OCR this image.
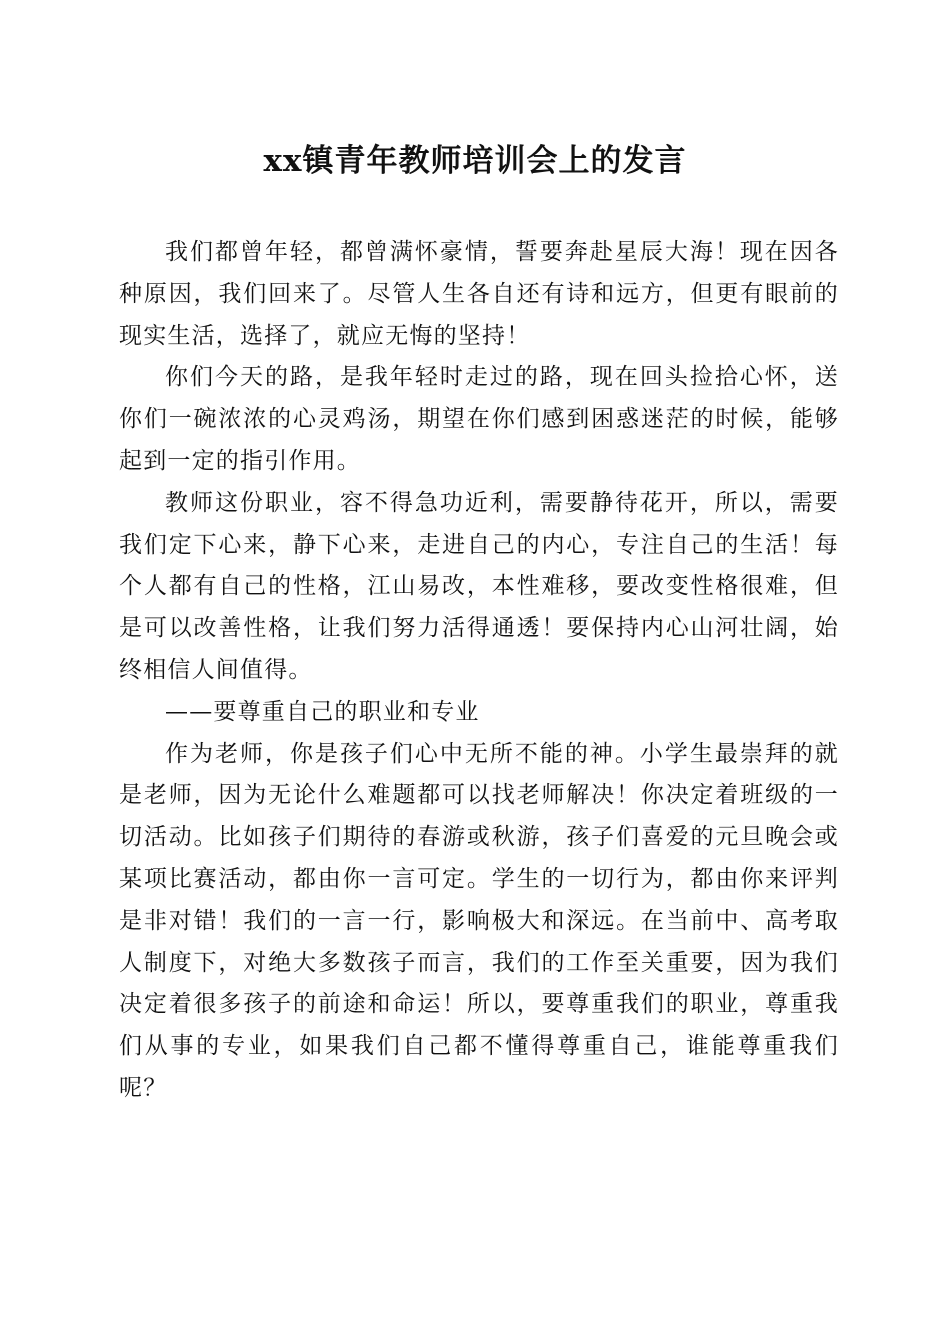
xx镇青年教师培训会上的发言

我们都曾年轻，都曾满怀豪情，誓要奔赴星辰大海！现在因各种原因，我们回来了。尽管人生各自还有诗和远方，但更有眼前的现实生活，选择了，就应无悔的坚持！

你们今天的路，是我年轻时走过的路，现在回头捡拾心怀，送你们一碗浓浓的心灵鸡汤，期望在你们感到困惑迷茫的时候，能够起到一定的指引作用。

教师这份职业，容不得急功近利，需要静待花开，所以，需要我们定下心来，静下心来，走进自己的内心，专注自己的生活！每个人都有自己的性格，江山易改，本性难移，要改变性格很难，但是可以改善性格，让我们努力活得通透！要保持内心山河壮阔，始终相信人间值得。

——要尊重自己的职业和专业

作为老师，你是孩子们心中无所不能的神。小学生最崇拜的就是老师，因为无论什么难题都可以找老师解决！你决定着班级的一切活动。比如孩子们期待的春游或秋游，孩子们喜爱的元旦晚会或某项比赛活动，都由你一言可定。学生的一切行为，都由你来评判是非对错！我们的一言一行，影响极大和深远。在当前中、高考取人制度下，对绝大多数孩子而言，我们的工作至关重要，因为我们决定着很多孩子的前途和命运！所以，要尊重我们的职业，尊重我们从事的专业，如果我们自己都不懂得尊重自己，谁能尊重我们呢？
